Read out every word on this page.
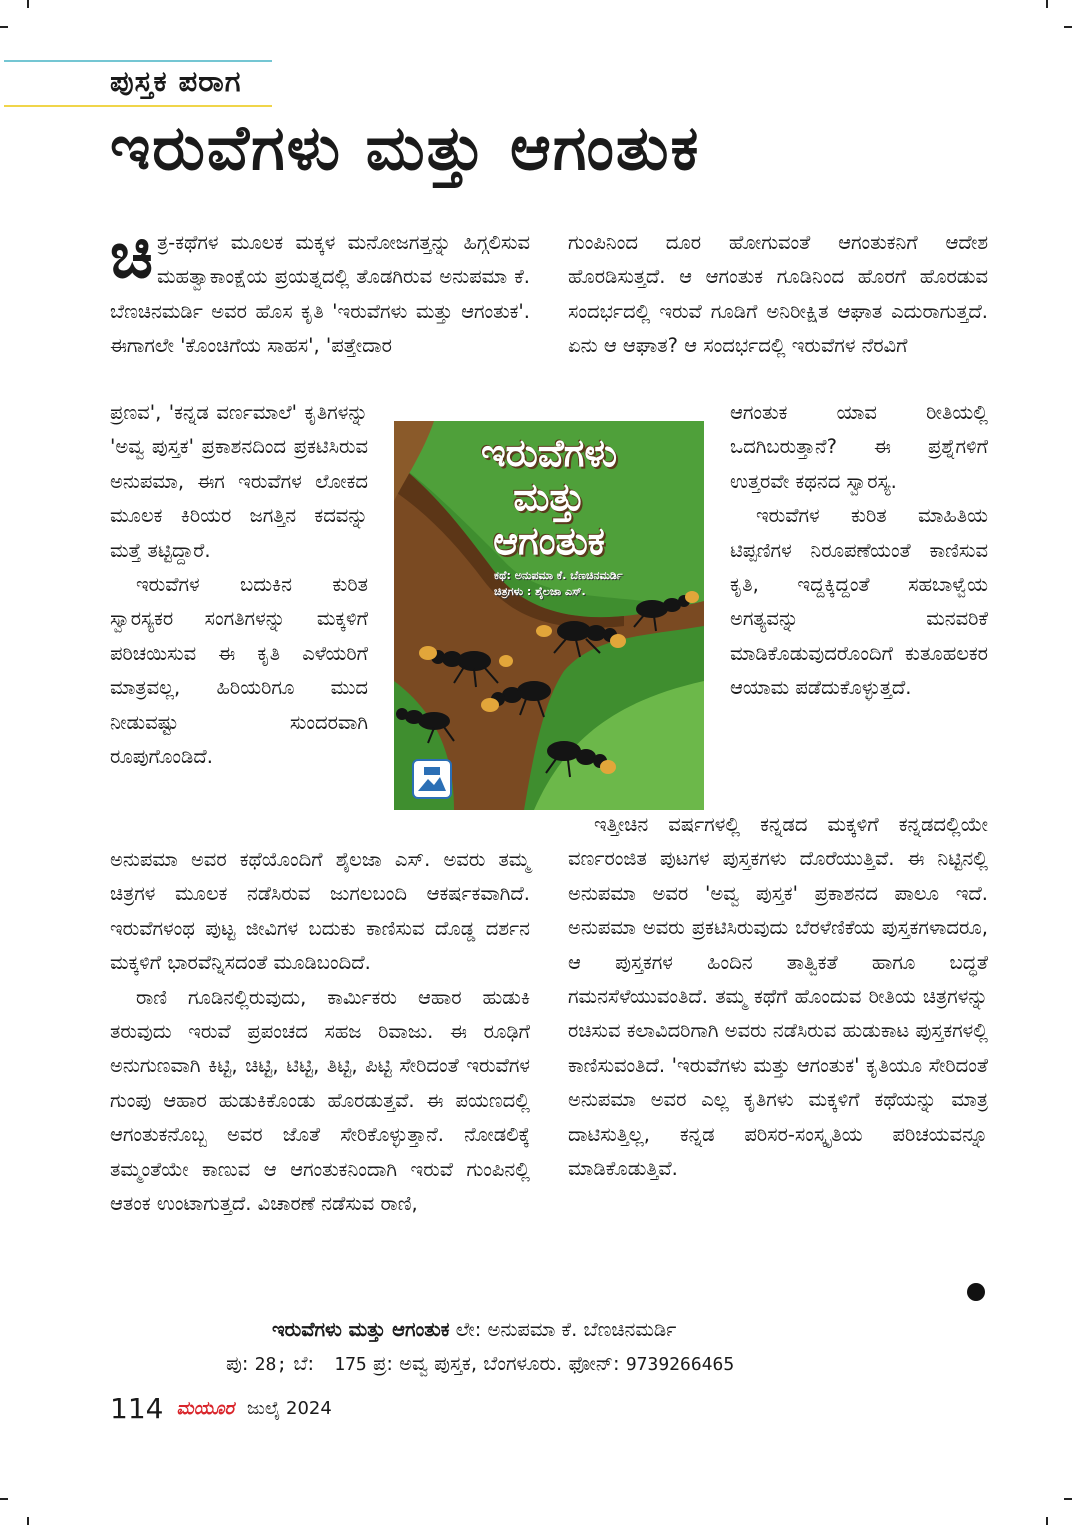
ಪುಸ್ತಕ ಪರಾಗ
ಇರುವೆಗಳು ಮತ್ತು ಆಗಂತುಕ

ಚಿತ್ರ-ಕಥೆಗಳ ಮೂಲಕ ಮಕ್ಕಳ ಮನೋಜಗತ್ತನ್ನು ಹಿಗ್ಗಲಿಸುವ ಮಹತ್ವಾಕಾಂಕ್ಷೆಯ ಪ್ರಯತ್ನದಲ್ಲಿ ತೊಡಗಿರುವ ಅನುಪಮಾ ಕೆ. ಬೆಣಚಿನಮರ್ಡಿ ಅವರ ಹೊಸ ಕೃತಿ 'ಇರುವೆಗಳು ಮತ್ತು ಆಗಂತುಕ'. ಈಗಾಗಲೇ 'ಕೊಂಚಿಗೆಯ ಸಾಹಸ', 'ಪತ್ತೇದಾರ

ಪ್ರಣವ', 'ಕನ್ನಡ ವರ್ಣಮಾಲೆ' ಕೃತಿಗಳನ್ನು 'ಅವ್ವ ಪುಸ್ತಕ' ಪ್ರಕಾಶನದಿಂದ ಪ್ರಕಟಿಸಿರುವ ಅನುಪಮಾ, ಈಗ ಇರುವೆಗಳ ಲೋಕದ ಮೂಲಕ ಕಿರಿಯರ ಜಗತ್ತಿನ ಕದವನ್ನು ಮತ್ತೆ ತಟ್ಟಿದ್ದಾರೆ.

ಇರುವೆಗಳ ಬದುಕಿನ ಕುರಿತ ಸ್ವಾರಸ್ಯಕರ ಸಂಗತಿಗಳನ್ನು ಮಕ್ಕಳಿಗೆ ಪರಿಚಯಿಸುವ ಈ ಕೃತಿ ಎಳೆಯರಿಗೆ ಮಾತ್ರವಲ್ಲ, ಹಿರಿಯರಿಗೂ ಮುದ ನೀಡುವಷ್ಟು ಸುಂದರವಾಗಿ ರೂಪುಗೊಂಡಿದೆ.

ಅನುಪಮಾ ಅವರ ಕಥೆಯೊಂದಿಗೆ ಶೈಲಜಾ ಎಸ್. ಅವರು ತಮ್ಮ ಚಿತ್ರಗಳ ಮೂಲಕ ನಡೆಸಿರುವ ಜುಗಲಬಂದಿ ಆಕರ್ಷಕವಾಗಿದೆ. ಇರುವೆಗಳಂಥ ಪುಟ್ಟ ಜೀವಿಗಳ ಬದುಕು ಕಾಣಿಸುವ ದೊಡ್ಡ ದರ್ಶನ ಮಕ್ಕಳಿಗೆ ಭಾರವೆನ್ನಿಸದಂತೆ ಮೂಡಿಬಂದಿದೆ.

ರಾಣಿ ಗೂಡಿನಲ್ಲಿರುವುದು, ಕಾರ್ಮಿಕರು ಆಹಾರ ಹುಡುಕಿ ತರುವುದು ಇರುವೆ ಪ್ರಪಂಚದ ಸಹಜ ರಿವಾಜು. ಈ ರೂಢಿಗೆ ಅನುಗುಣವಾಗಿ ಕಿಟ್ಟಿ, ಚಿಟ್ಟಿ, ಟಿಟ್ಟಿ, ತಿಟ್ಟಿ, ಪಿಟ್ಟಿ ಸೇರಿದಂತೆ ಇರುವೆಗಳ ಗುಂಪು ಆಹಾರ ಹುಡುಕಿಕೊಂಡು ಹೊರಡುತ್ತವೆ. ಈ ಪಯಣದಲ್ಲಿ ಆಗಂತುಕನೊಬ್ಬ ಅವರ ಜೊತೆ ಸೇರಿಕೊಳ್ಳುತ್ತಾನೆ. ನೋಡಲಿಕ್ಕೆ ತಮ್ಮಂತೆಯೇ ಕಾಣುವ ಆ ಆಗಂತುಕನಿಂದಾಗಿ ಇರುವೆ ಗುಂಪಿನಲ್ಲಿ ಆತಂಕ ಉಂಟಾಗುತ್ತದೆ. ವಿಚಾರಣೆ ನಡೆಸುವ ರಾಣಿ,

ಗುಂಪಿನಿಂದ ದೂರ ಹೋಗುವಂತೆ ಆಗಂತುಕನಿಗೆ ಆದೇಶ ಹೊರಡಿಸುತ್ತದೆ. ಆ ಆಗಂತುಕ ಗೂಡಿನಿಂದ ಹೊರಗೆ ಹೊರಡುವ ಸಂದರ್ಭದಲ್ಲಿ ಇರುವೆ ಗೂಡಿಗೆ ಅನಿರೀಕ್ಷಿತ ಆಘಾತ ಎದುರಾಗುತ್ತದೆ. ಏನು ಆ ಆಘಾತ? ಆ ಸಂದರ್ಭದಲ್ಲಿ ಇರುವೆಗಳ ನೆರವಿಗೆ

ಆಗಂತುಕ ಯಾವ ರೀತಿಯಲ್ಲಿ ಒದಗಿಬರುತ್ತಾನೆ? ಈ ಪ್ರಶ್ನೆಗಳಿಗೆ ಉತ್ತರವೇ ಕಥನದ ಸ್ವಾರಸ್ಯ.

ಇರುವೆಗಳ ಕುರಿತ ಮಾಹಿತಿಯ ಟಿಪ್ಪಣಿಗಳ ನಿರೂಪಣೆಯಂತೆ ಕಾಣಿಸುವ ಕೃತಿ, ಇದ್ದಕ್ಕಿದ್ದಂತೆ ಸಹಬಾಳ್ವೆಯ ಅಗತ್ಯವನ್ನು ಮನವರಿಕೆ ಮಾಡಿಕೊಡುವುದರೊಂದಿಗೆ ಕುತೂಹಲಕರ ಆಯಾಮ ಪಡೆದುಕೊಳ್ಳುತ್ತದೆ.

ಇತ್ತೀಚಿನ ವರ್ಷಗಳಲ್ಲಿ ಕನ್ನಡದ ಮಕ್ಕಳಿಗೆ ಕನ್ನಡದಲ್ಲಿಯೇ ವರ್ಣರಂಜಿತ ಪುಟಗಳ ಪುಸ್ತಕಗಳು ದೊರೆಯುತ್ತಿವೆ. ಈ ನಿಟ್ಟಿನಲ್ಲಿ ಅನುಪಮಾ ಅವರ 'ಅವ್ವ ಪುಸ್ತಕ' ಪ್ರಕಾಶನದ ಪಾಲೂ ಇದೆ. ಅನುಪಮಾ ಅವರು ಪ್ರಕಟಿಸಿರುವುದು ಬೆರಳೆಣಿಕೆಯ ಪುಸ್ತಕಗಳಾದರೂ, ಆ ಪುಸ್ತಕಗಳ ಹಿಂದಿನ ತಾತ್ವಿಕತೆ ಹಾಗೂ ಬದ್ಧತೆ ಗಮನಸೆಳೆಯುವಂತಿದೆ. ತಮ್ಮ ಕಥೆಗೆ ಹೊಂದುವ ರೀತಿಯ ಚಿತ್ರಗಳನ್ನು ರಚಿಸುವ ಕಲಾವಿದರಿಗಾಗಿ ಅವರು ನಡೆಸಿರುವ ಹುಡುಕಾಟ ಪುಸ್ತಕಗಳಲ್ಲಿ ಕಾಣಿಸುವಂತಿದೆ. 'ಇರುವೆಗಳು ಮತ್ತು ಆಗಂತುಕ' ಕೃತಿಯೂ ಸೇರಿದಂತೆ ಅನುಪಮಾ ಅವರ ಎಲ್ಲ ಕೃತಿಗಳು ಮಕ್ಕಳಿಗೆ ಕಥೆಯನ್ನು ಮಾತ್ರ ದಾಟಿಸುತ್ತಿಲ್ಲ, ಕನ್ನಡ ಪರಿಸರ-ಸಂಸ್ಕೃತಿಯ ಪರಿಚಯವನ್ನೂ ಮಾಡಿಕೊಡುತ್ತಿವೆ.

ಇರುವೆಗಳು
ಮತ್ತು
ಆಗಂತುಕ
ಕಥೆ: ಅನುಪಮಾ ಕೆ. ಬೆಣಚಿನಮರ್ಡಿ
ಚಿತ್ರಗಳು : ಶೈಲಜಾ ಎಸ್.
ಇರುವೆಗಳು ಮತ್ತು ಆಗಂತುಕ ಲೇ: ಅನುಪಮಾ ಕೆ. ಬೆಣಚಿನಮರ್ಡಿ
ಪು: 28; ಬೆ: 175 ಪ್ರ: ಅವ್ವ ಪುಸ್ತಕ, ಬೆಂಗಳೂರು. ಫೋನ್: 9739266465
114 ಮಯೂರ ಜುಲೈ 2024
